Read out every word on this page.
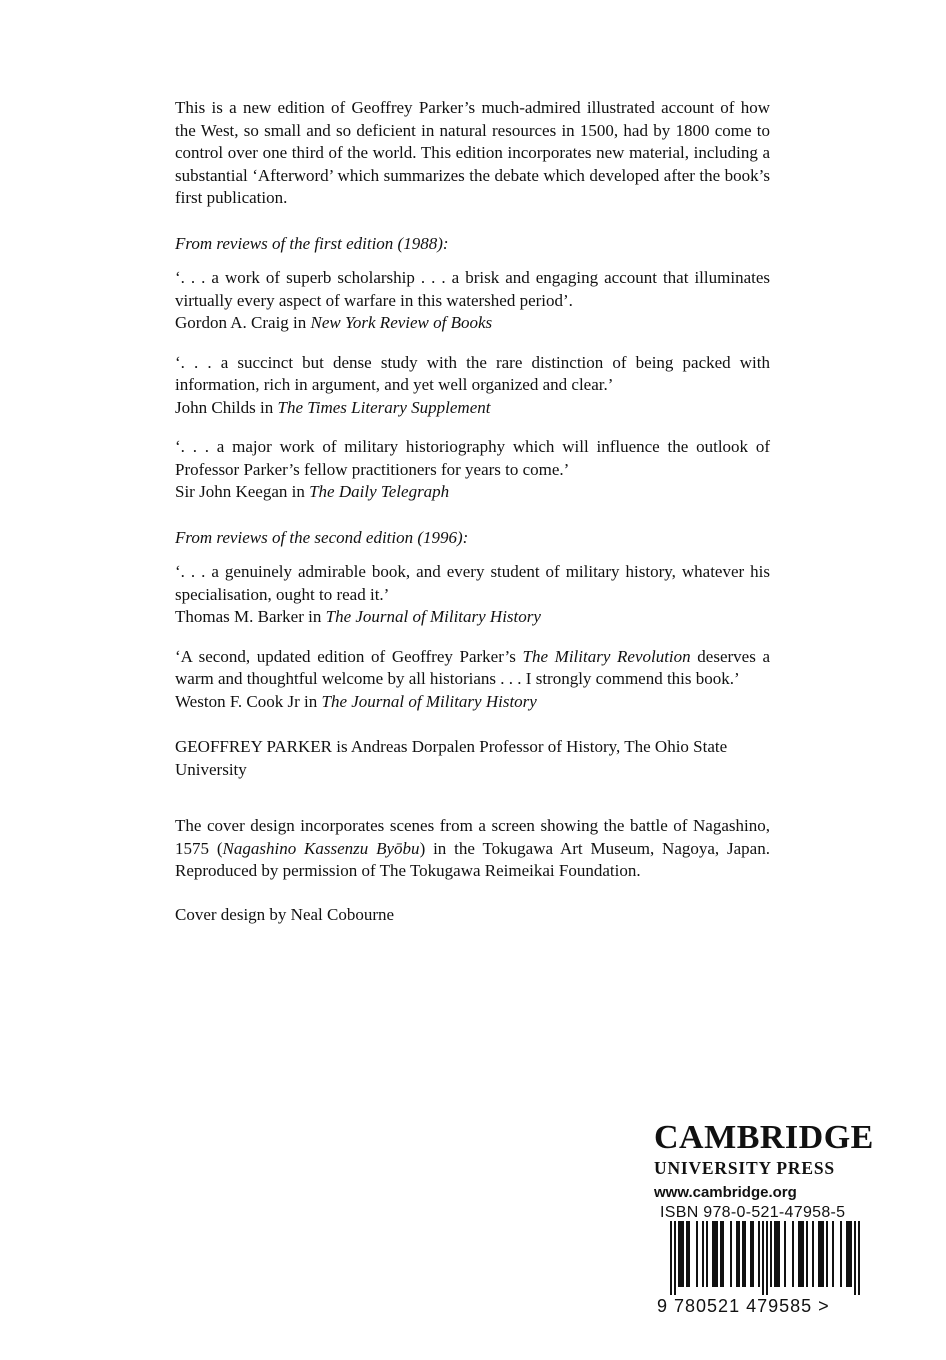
This is a new edition of Geoffrey Parker’s much-admired illustrated account of how the West, so small and so deficient in natural resources in 1500, had by 1800 come to control over one third of the world. This edition incorporates new material, including a substantial ‘Afterword’ which summarizes the debate which developed after the book’s first publication.

From reviews of the first edition (1988):

‘. . . a work of superb scholarship . . . a brisk and engaging account that illuminates virtually every aspect of warfare in this watershed period’.

Gordon A. Craig in New York Review of Books

‘. . . a succinct but dense study with the rare distinction of being packed with information, rich in argument, and yet well organized and clear.’

John Childs in The Times Literary Supplement

‘. . . a major work of military historiography which will influence the outlook of Professor Parker’s fellow practitioners for years to come.’

Sir John Keegan in The Daily Telegraph

From reviews of the second edition (1996):

‘. . . a genuinely admirable book, and every student of military history, whatever his specialisation, ought to read it.’

Thomas M. Barker in The Journal of Military History

‘A second, updated edition of Geoffrey Parker’s The Military Revolution deserves a warm and thoughtful welcome by all historians . . . I strongly commend this book.’

Weston F. Cook Jr in The Journal of Military History

GEOFFREY PARKER is Andreas Dorpalen Professor of History, The Ohio State University

The cover design incorporates scenes from a screen showing the battle of Nagashino, 1575 (Nagashino Kassenzu Byōbu) in the Tokugawa Art Museum, Nagoya, Japan. Reproduced by permission of The Tokugawa Reimeikai Foundation.

Cover design by Neal Cobourne

CAMBRIDGE
UNIVERSITY PRESS
www.cambridge.org
ISBN 978-0-521-47958-5
9 780521 479585 >
